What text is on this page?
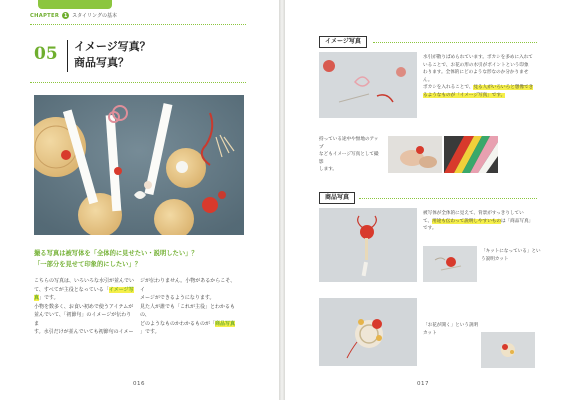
CHAPTER 1 スタイリングの基本
05 イメージ写真？
商品写真？
撮る写真は被写体を「全体的に見せたい・説明したい」？
「一部分を見せて印象的にしたい」？
こちらの写真は、いろいろな水引が並んでい
て、すべてが主役となっている「イメージ写
真」です。
小物を数多く、お食い初めで使うアイテムが
並んでいて、「初節句」のイメージが伝わりま
す。水引だけが並んでいても初節句のイメー
ジが伝わりません。小物があるからこそ、イ
メージができるようになります。
見た人が誰でも「これが主役」とわかるもの、
どのようなものかわかるものが「商品写真
」です。
016
イメージ写真
水引が散りばめられています。ボカシを多めに入れて
いることで、お花の形の水引がポイントという印象
わります。全体的にどのような形なのか分かりませ
ん。
ボカシを入れることで、見る人がいろいろと想像でき
るようなものが「イメージ写真」です。
持っている途中や無地のアップ
などもイメージ写真として撮影
します。
商品写真
被写体が全体的に見えて、背景がすっきりしてい
て、用途も伝わって説明しやすいものは「商品写真」
です。
「キットになっている」とい
う説明カット
「お花が開く」という説明
カット
017
